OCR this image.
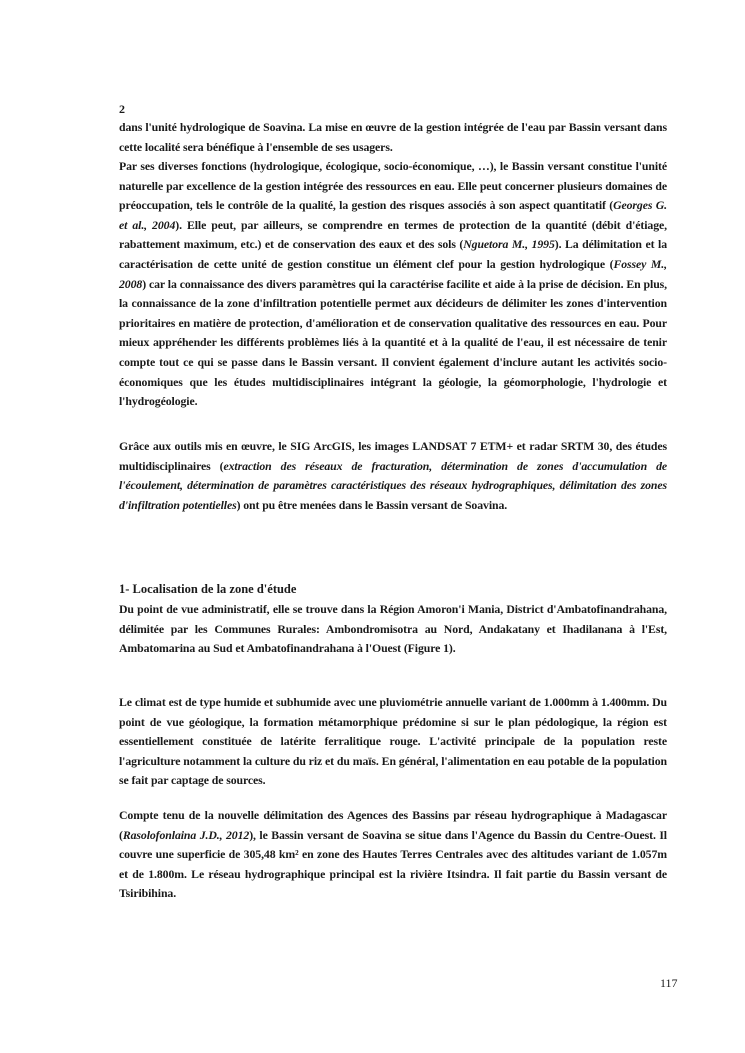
2

dans l'unité hydrologique de Soavina. La mise en œuvre de la gestion intégrée de l'eau par Bassin versant dans cette localité sera bénéfique à l'ensemble de ses usagers.

Par ses diverses fonctions (hydrologique, écologique, socio-économique, …), le Bassin versant constitue l'unité naturelle par excellence de la gestion intégrée des ressources en eau. Elle peut concerner plusieurs domaines de préoccupation, tels le contrôle de la qualité, la gestion des risques associés à son aspect quantitatif (Georges G. et al., 2004). Elle peut, par ailleurs, se comprendre en termes de protection de la quantité (débit d'étiage, rabattement maximum, etc.) et de conservation des eaux et des sols (Nguetora M., 1995). La délimitation et la caractérisation de cette unité de gestion constitue un élément clef pour la gestion hydrologique (Fossey M., 2008) car la connaissance des divers paramètres qui la caractérise facilite et aide à la prise de décision. En plus, la connaissance de la zone d'infiltration potentielle permet aux décideurs de délimiter les zones d'intervention prioritaires en matière de protection, d'amélioration et de conservation qualitative des ressources en eau. Pour mieux appréhender les différents problèmes liés à la quantité et à la qualité de l'eau, il est nécessaire de tenir compte tout ce qui se passe dans le Bassin versant. Il convient également d'inclure autant les activités socio-économiques que les études multidisciplinaires intégrant la géologie, la géomorphologie, l'hydrologie et l'hydrogéologie.

Grâce aux outils mis en œuvre, le SIG ArcGIS, les images LANDSAT 7 ETM+ et radar SRTM 30, des études multidisciplinaires (extraction des réseaux de fracturation, détermination de zones d'accumulation de l'écoulement, détermination de paramètres caractéristiques des réseaux hydrographiques, délimitation des zones d'infiltration potentielles) ont pu être menées dans le Bassin versant de Soavina.

1- Localisation de la zone d'étude

Du point de vue administratif, elle se trouve dans la Région Amoron'i Mania, District d'Ambatofinandrahana, délimitée par les Communes Rurales: Ambondromisotra au Nord, Andakatany et Ihadilanana à l'Est, Ambatomarina au Sud et Ambatofinandrahana à l'Ouest (Figure 1).

Le climat est de type humide et subhumide avec une pluviométrie annuelle variant de 1.000mm à 1.400mm. Du point de vue géologique, la formation métamorphique prédomine si sur le plan pédologique, la région est essentiellement constituée de latérite ferralitique rouge. L'activité principale de la population reste l'agriculture notamment la culture du riz et du maïs. En général, l'alimentation en eau potable de la population se fait par captage de sources.

Compte tenu de la nouvelle délimitation des Agences des Bassins par réseau hydrographique à Madagascar (Rasolofonlaina J.D., 2012), le Bassin versant de Soavina se situe dans l'Agence du Bassin du Centre-Ouest. Il couvre une superficie de 305,48 km² en zone des Hautes Terres Centrales avec des altitudes variant de 1.057m et de 1.800m. Le réseau hydrographique principal est la rivière Itsindra. Il fait partie du Bassin versant de Tsiribihina.

117
